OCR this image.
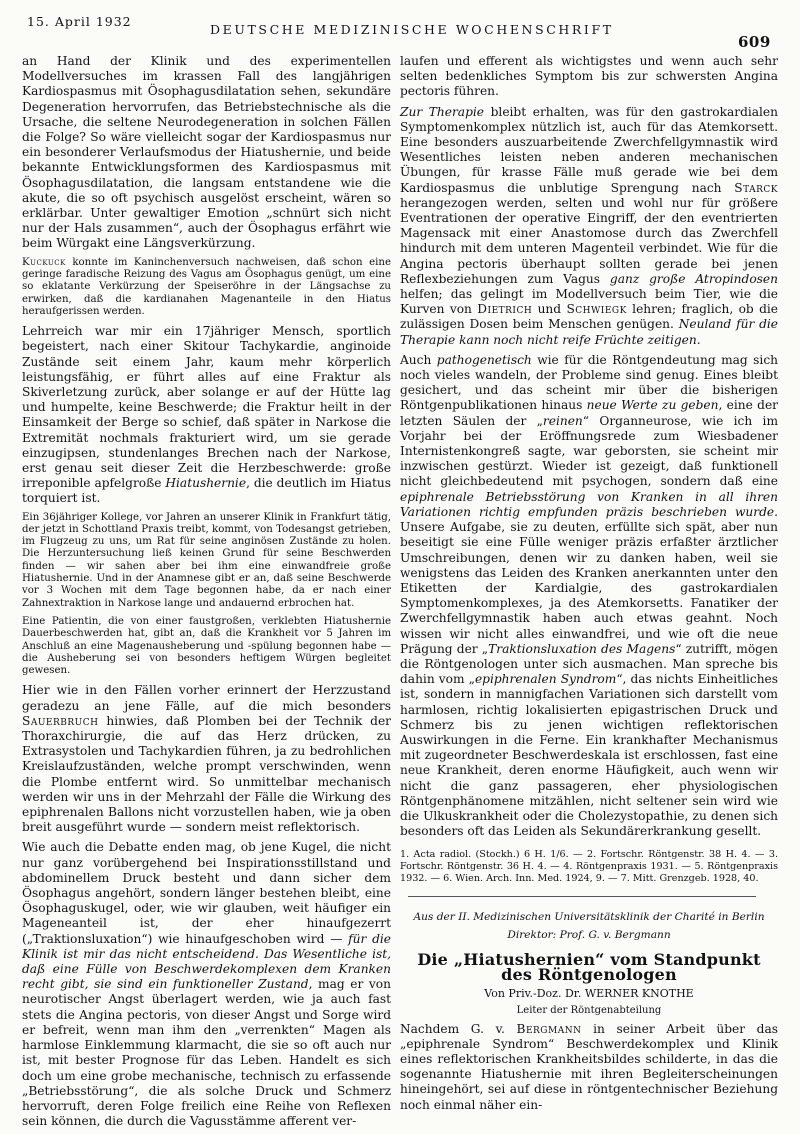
15. April 1932
DEUTSCHE MEDIZINISCHE WOCHENSCHRIFT
609

an Hand der Klinik und des experimentellen Modellversuches im krassen Fall des langjährigen Kardiospasmus mit Ösophagusdilatation sehen, sekundäre Degeneration hervorrufen, das Betriebstechnische als die Ursache, die seltene Neurodegeneration in solchen Fällen die Folge? So wäre vielleicht sogar der Kardiospasmus nur ein besonderer Verlaufsmodus der Hiatushernie, und beide bekannte Entwicklungsformen des Kardiospasmus mit Ösophagusdilatation, die langsam entstandene wie die akute, die so oft psychisch ausgelöst erscheint, wären so erklärbar. Unter gewaltiger Emotion „schnürt sich nicht nur der Hals zusammen“, auch der Ösophagus erfährt wie beim Würgakt eine Längsverkürzung.

Kuckuck konnte im Kaninchenversuch nachweisen, daß schon eine geringe faradische Reizung des Vagus am Ösophagus genügt, um eine so eklatante Verkürzung der Speiseröhre in der Längsachse zu erwirken, daß die kardianahen Magenanteile in den Hiatus heraufgerissen werden.

Lehrreich war mir ein 17jähriger Mensch, sportlich begeistert, nach einer Skitour Tachykardie, anginoide Zustände seit einem Jahr, kaum mehr körperlich leistungsfähig, er führt alles auf eine Fraktur als Skiverletzung zurück, aber solange er auf der Hütte lag und humpelte, keine Beschwerde; die Fraktur heilt in der Einsamkeit der Berge so schief, daß später in Narkose die Extremität nochmals frakturiert wird, um sie gerade einzugipsen, stundenlanges Brechen nach der Narkose, erst genau seit dieser Zeit die Herzbeschwerde: große irreponible apfelgroße Hiatushernie, die deutlich im Hiatus torquiert ist.

Ein 36jähriger Kollege, vor Jahren an unserer Klinik in Frankfurt tätig, der jetzt in Schottland Praxis treibt, kommt, von Todesangst getrieben, im Flugzeug zu uns, um Rat für seine anginösen Zustände zu holen. Die Herzuntersuchung ließ keinen Grund für seine Beschwerden finden — wir sahen aber bei ihm eine einwandfreie große Hiatushernie. Und in der Anamnese gibt er an, daß seine Beschwerde vor 3 Wochen mit dem Tage begonnen habe, da er nach einer Zahnextraktion in Narkose lange und andauernd erbrochen hat.

Eine Patientin, die von einer faustgroßen, verklebten Hiatushernie Dauerbeschwerden hat, gibt an, daß die Krankheit vor 5 Jahren im Anschluß an eine Magenausheberung und -spülung begonnen habe — die Ausheberung sei von besonders heftigem Würgen begleitet gewesen.

Hier wie in den Fällen vorher erinnert der Herzzustand geradezu an jene Fälle, auf die mich besonders Sauerbruch hinwies, daß Plomben bei der Technik der Thoraxchirurgie, die auf das Herz drücken, zu Extrasystolen und Tachykardien führen, ja zu bedrohlichen Kreislaufzuständen, welche prompt verschwinden, wenn die Plombe entfernt wird. So unmittelbar mechanisch werden wir uns in der Mehrzahl der Fälle die Wirkung des epiphrenalen Ballons nicht vorzustellen haben, wie ja oben breit ausgeführt wurde — sondern meist reflektorisch.

Wie auch die Debatte enden mag, ob jene Kugel, die nicht nur ganz vorübergehend bei Inspirationsstillstand und abdominellem Druck besteht und dann sicher dem Ösophagus angehört, sondern länger bestehen bleibt, eine Ösophaguskugel, oder, wie wir glauben, weit häufiger ein Mageneanteil ist, der eher hinaufgezerrt („Traktionsluxation“) wie hinaufgeschoben wird — für die Klinik ist mir das nicht entscheidend. Das Wesentliche ist, daß eine Fülle von Beschwerdekomplexen dem Kranken recht gibt, sie sind ein funktioneller Zustand, mag er von neurotischer Angst überlagert werden, wie ja auch fast stets die Angina pectoris, von dieser Angst und Sorge wird er befreit, wenn man ihm den „verrenkten“ Magen als harmlose Einklemmung klarmacht, die sie so oft auch nur ist, mit bester Prognose für das Leben. Handelt es sich doch um eine grobe mechanische, technisch zu erfassende „Betriebsstörung“, die als solche Druck und Schmerz hervorruft, deren Folge freilich eine Reihe von Reflexen sein können, die durch die Vagusstämme afferent ver-

laufen und efferent als wichtigstes und wenn auch sehr selten bedenkliches Symptom bis zur schwersten Angina pectoris führen.

Zur Therapie bleibt erhalten, was für den gastrokardialen Symptomenkomplex nützlich ist, auch für das Atemkorsett. Eine besonders auszuarbeitende Zwerchfellgymnastik wird Wesentliches leisten neben anderen mechanischen Übungen, für krasse Fälle muß gerade wie bei dem Kardiospasmus die unblutige Sprengung nach Starck herangezogen werden, selten und wohl nur für größere Eventrationen der operative Eingriff, der den eventrierten Magensack mit einer Anastomose durch das Zwerchfell hindurch mit dem unteren Magenteil verbindet. Wie für die Angina pectoris überhaupt sollten gerade bei jenen Reflexbeziehungen zum Vagus ganz große Atropindosen helfen; das gelingt im Modellversuch beim Tier, wie die Kurven von Dietrich und Schwiegk lehren; fraglich, ob die zulässigen Dosen beim Menschen genügen. Neuland für die Therapie kann noch nicht reife Früchte zeitigen.

Auch pathogenetisch wie für die Röntgendeutung mag sich noch vieles wandeln, der Probleme sind genug. Eines bleibt gesichert, und das scheint mir über die bisherigen Röntgenpublikationen hinaus neue Werte zu geben, eine der letzten Säulen der „reinen“ Organneurose, wie ich im Vorjahr bei der Eröffnungsrede zum Wiesbadener Internistenkongreß sagte, war geborsten, sie scheint mir inzwischen gestürzt. Wieder ist gezeigt, daß funktionell nicht gleichbedeutend mit psychogen, sondern daß eine epiphrenale Betriebsstörung von Kranken in all ihren Variationen richtig empfunden präzis beschrieben wurde. Unsere Aufgabe, sie zu deuten, erfüllte sich spät, aber nun beseitigt sie eine Fülle weniger präzis erfaßter ärztlicher Umschreibungen, denen wir zu danken haben, weil sie wenigstens das Leiden des Kranken anerkannten unter den Etiketten der Kardialgie, des gastrokardialen Symptomenkomplexes, ja des Atemkorsetts. Fanatiker der Zwerchfellgymnastik haben auch etwas geahnt. Noch wissen wir nicht alles einwandfrei, und wie oft die neue Prägung der „Traktionsluxation des Magens“ zutrifft, mögen die Röntgenologen unter sich ausmachen. Man spreche bis dahin vom „epiphrenalen Syndrom“, das nichts Einheitliches ist, sondern in mannigfachen Variationen sich darstellt vom harmlosen, richtig lokalisierten epigastrischen Druck und Schmerz bis zu jenen wichtigen reflektorischen Auswirkungen in die Ferne. Ein krankhafter Mechanismus mit zugeordneter Beschwerdeskala ist erschlossen, fast eine neue Krankheit, deren enorme Häufigkeit, auch wenn wir nicht die ganz passageren, eher physiologischen Röntgenphänomene mitzählen, nicht seltener sein wird wie die Ulkuskrankheit oder die Cholezystopathie, zu denen sich besonders oft das Leiden als Sekundärerkrankung gesellt.

1. Acta radiol. (Stockh.) 6 H. 1/6. — 2. Fortschr. Röntgenstr. 38 H. 4. — 3. Fortschr. Röntgenstr. 36 H. 4. — 4. Röntgenpraxis 1931. — 5. Röntgenpraxis 1932. — 6. Wien. Arch. Inn. Med. 1924, 9. — 7. Mitt. Grenzgeb. 1928, 40.

Aus der II. Medizinischen Universitätsklinik der Charité in Berlin

Direktor: Prof. G. v. Bergmann

Die „Hiatushernien“ vom Standpunkt des Röntgenologen

Von Priv.-Doz. Dr. WERNER KNOTHE

Leiter der Röntgenabteilung

Nachdem G. v. Bergmann in seiner Arbeit über das „epiphrenale Syndrom“ Beschwerdekomplex und Klinik eines reflektorischen Krankheitsbildes schilderte, in das die sogenannte Hiatushernie mit ihren Begleiterscheinungen hineingehört, sei auf diese in röntgentechnischer Beziehung noch einmal näher ein-
